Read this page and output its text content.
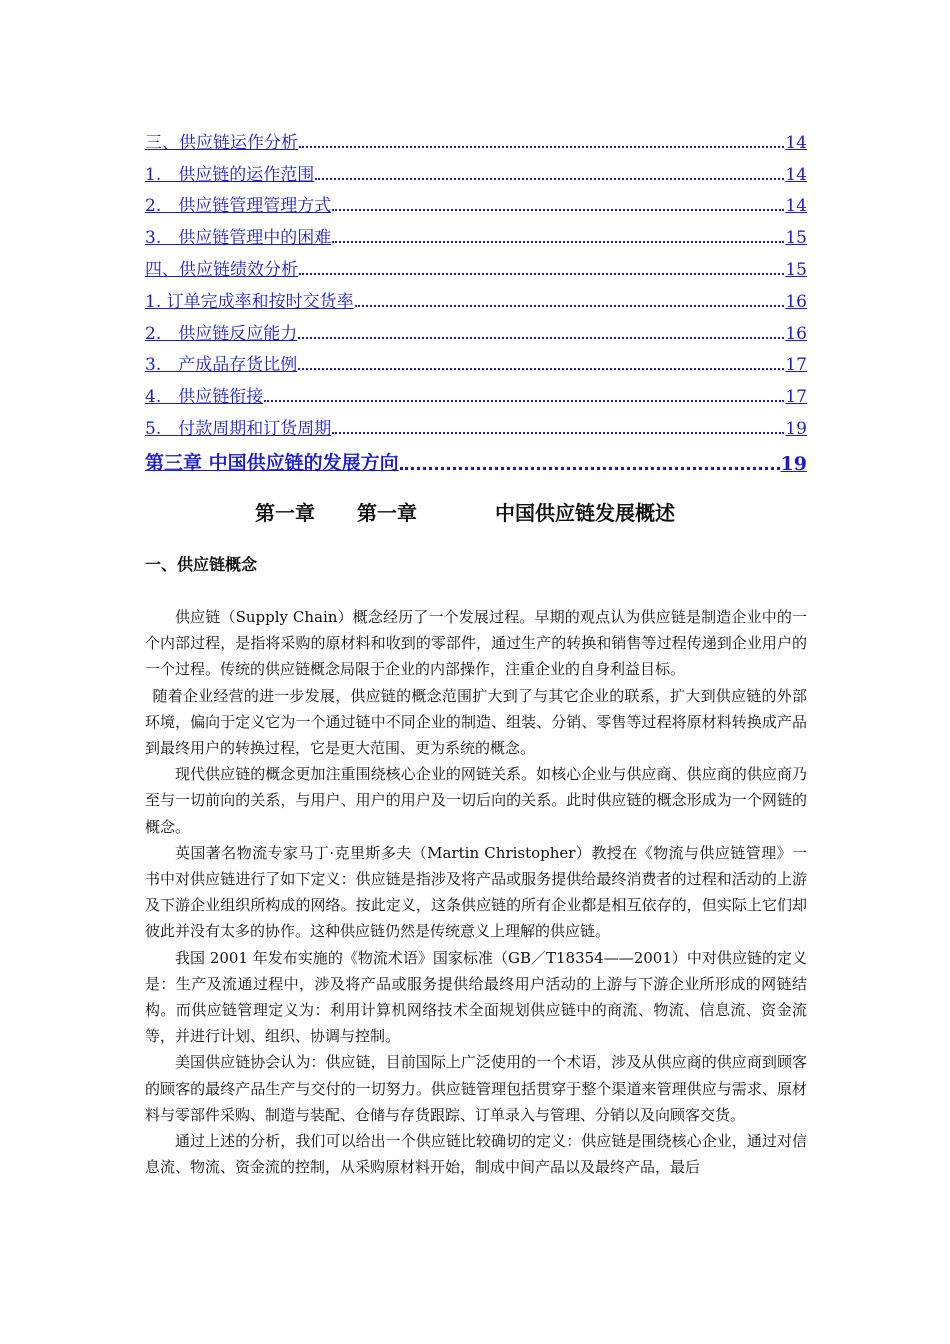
三、供应链运作分析	14
1.　供应链的运作范围	14
2.　供应链管理管理方式	14
3.　供应链管理中的困难	15
四、供应链绩效分析	15
1. 订单完成率和按时交货率	16
2.　供应链反应能力	16
3.　产成品存货比例	17
4.　供应链衔接	17
5.　付款周期和订货周期	19
第三章 中国供应链的发展方向	19
第一章 第一章	中国供应链发展概述
一、供应链概念

供应链（Supply Chain）概念经历了一个发展过程。早期的观点认为供应链是制造企业中的一个内部过程，是指将采购的原材料和收到的零部件，通过生产的转换和销售等过程传递到企业用户的一个过程。传统的供应链概念局限于企业的内部操作，注重企业的自身利益目标。

随着企业经营的进一步发展，供应链的概念范围扩大到了与其它企业的联系，扩大到供应链的外部环境，偏向于定义它为一个通过链中不同企业的制造、组装、分销、零售等过程将原材料转换成产品到最终用户的转换过程，它是更大范围、更为系统的概念。

现代供应链的概念更加注重围绕核心企业的网链关系。如核心企业与供应商、供应商的供应商乃至与一切前向的关系，与用户、用户的用户及一切后向的关系。此时供应链的概念形成为一个网链的概念。

英国著名物流专家马丁·克里斯多夫（Martin Christopher）教授在《物流与供应链管理》一书中对供应链进行了如下定义：供应链是指涉及将产品或服务提供给最终消费者的过程和活动的上游及下游企业组织所构成的网络。按此定义，这条供应链的所有企业都是相互依存的，但实际上它们却彼此并没有太多的协作。这种供应链仍然是传统意义上理解的供应链。

我国 2001 年发布实施的《物流术语》国家标准（GB／T18354——2001）中对供应链的定义是：生产及流通过程中，涉及将产品或服务提供给最终用户活动的上游与下游企业所形成的网链结构。而供应链管理定义为：利用计算机网络技术全面规划供应链中的商流、物流、信息流、资金流等，并进行计划、组织、协调与控制。

美国供应链协会认为：供应链，目前国际上广泛使用的一个术语，涉及从供应商的供应商到顾客的顾客的最终产品生产与交付的一切努力。供应链管理包括贯穿于整个渠道来管理供应与需求、原材料与零部件采购、制造与装配、仓储与存货跟踪、订单录入与管理、分销以及向顾客交货。

通过上述的分析，我们可以给出一个供应链比较确切的定义：供应链是围绕核心企业，通过对信息流、物流、资金流的控制，从采购原材料开始，制成中间产品以及最终产品，最后
